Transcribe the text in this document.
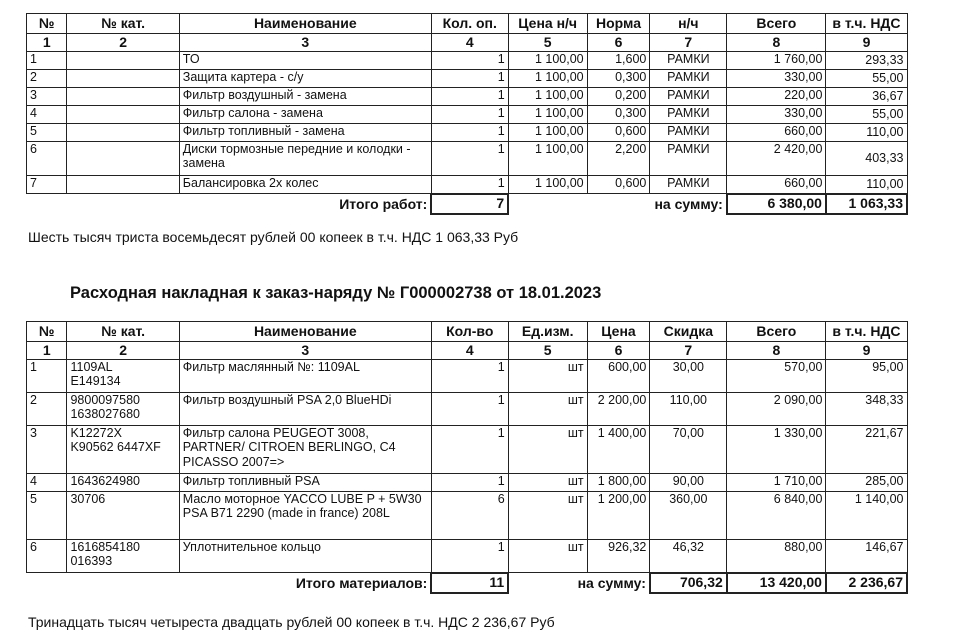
№	№ кат.	Наименование	Кол. оп.	Цена н/ч	Норма	н/ч	Всего	в т.ч. НДС
1	2	3	4	5	6	7	8	9
1		ТО	1	1 100,00	1,600	РАМКИ	1 760,00	293,33
2		Защита картера - с/у	1	1 100,00	0,300	РАМКИ	330,00	55,00
3		Фильтр воздушный - замена	1	1 100,00	0,200	РАМКИ	220,00	36,67
4		Фильтр салона - замена	1	1 100,00	0,300	РАМКИ	330,00	55,00
5		Фильтр топливный - замена	1	1 100,00	0,600	РАМКИ	660,00	110,00
6		Диски тормозные передние и колодки - замена	1	1 100,00	2,200	РАМКИ	2 420,00	403,33
7		Балансировка 2х колес	1	1 100,00	0,600	РАМКИ	660,00	110,00
Итого работ:			7	на сумму:			6 380,00	1 063,33
Шесть тысяч триста восемьдесят рублей 00 копеек в т.ч. НДС 1 063,33 Руб
Расходная накладная к заказ-наряду № Г000002738 от 18.01.2023
№	№ кат.	Наименование	Кол-во	Ед.изм.	Цена	Скидка	Всего	в т.ч. НДС
1	2	3	4	5	6	7	8	9
1	1109AL
E149134	Фильтр маслянный №: 1109AL	1	шт	600,00	30,00	570,00	95,00
2	9800097580
1638027680	Фильтр воздушный PSA 2,0 BlueHDi	1	шт	2 200,00	110,00	2 090,00	348,33
3	K12272X
K90562 6447XF	Фильтр салона PEUGEOT 3008, PARTNER/ CITROEN BERLINGO, C4 PICASSO 2007=>	1	шт	1 400,00	70,00	1 330,00	221,67
4	1643624980	Фильтр топливный PSA	1	шт	1 800,00	90,00	1 710,00	285,00
5	30706	Масло моторное YACCO LUBE P + 5W30 PSA B71 2290 (made in france) 208L	6	шт	1 200,00	360,00	6 840,00	1 140,00
6	1616854180
016393	Уплотнительное кольцо	1	шт	926,32	46,32	880,00	146,67
Итого материалов:			11	на сумму:		706,32	13 420,00	2 236,67
Тринадцать тысяч четыреста двадцать рублей 00 копеек в т.ч. НДС 2 236,67 Руб
